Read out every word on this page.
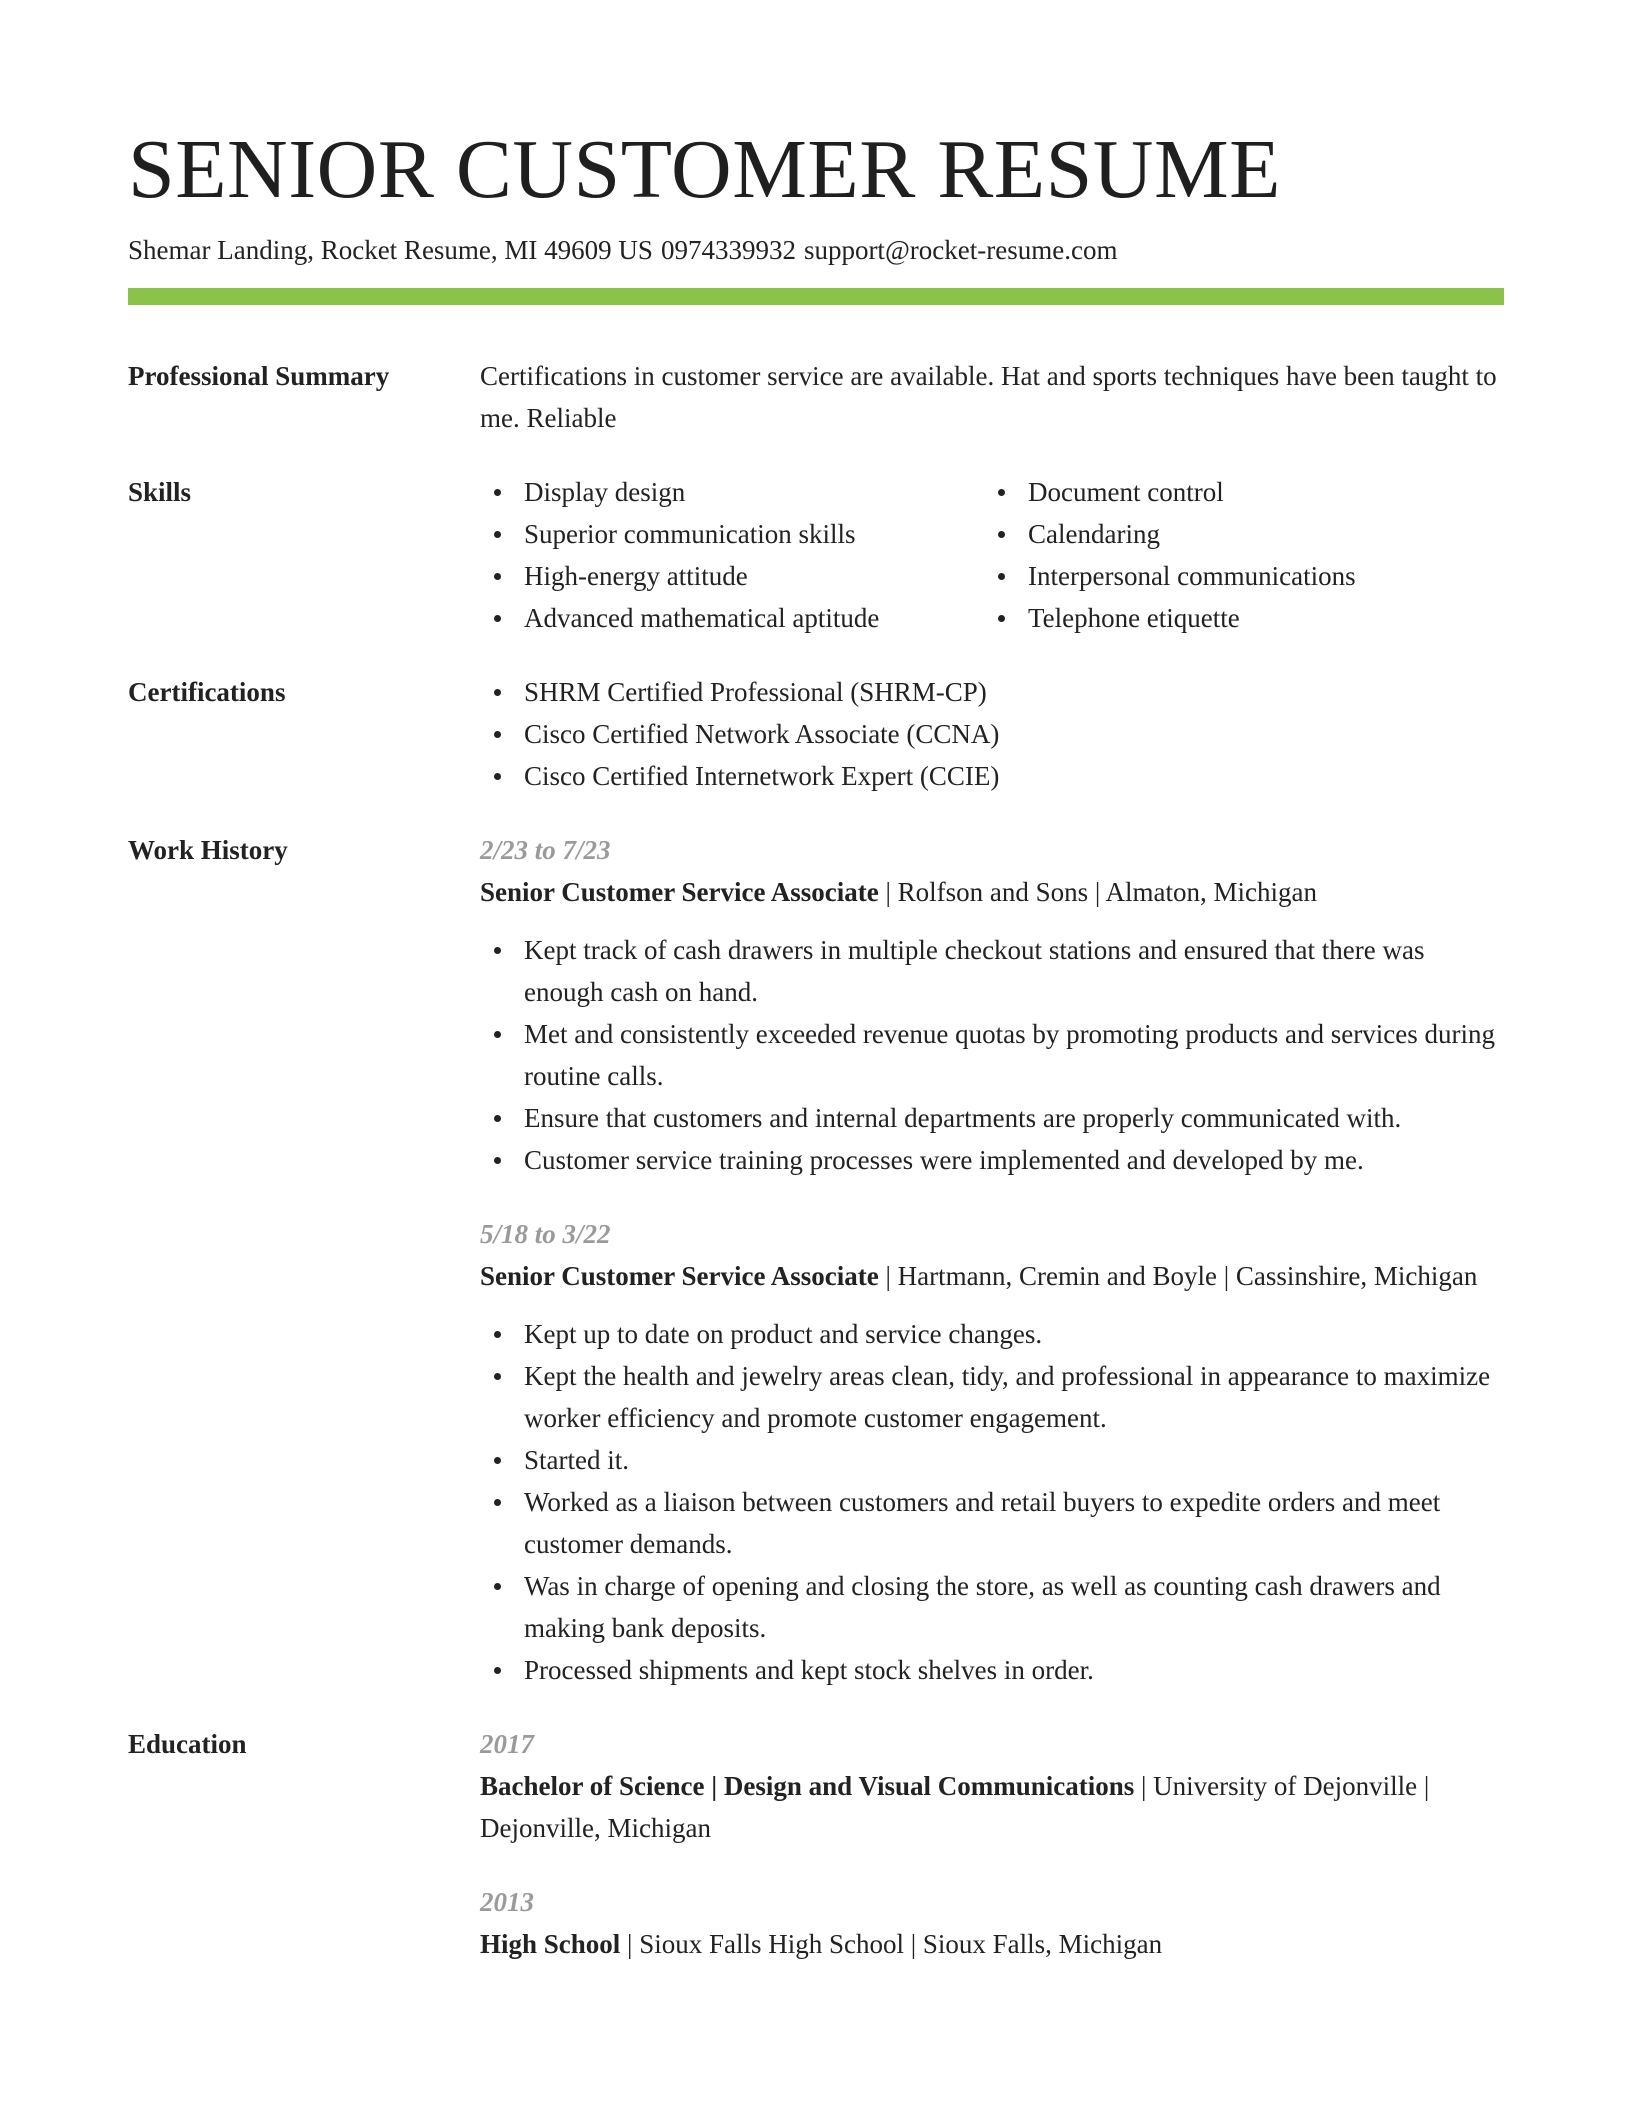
SENIOR CUSTOMER RESUME
Shemar Landing, Rocket Resume, MI 49609 US 0974339932 support@rocket-resume.com
Professional Summary	Certifications in customer service are available. Hat and sports techniques have been taught to me. Reliable

Skills	Display design
Superior communication skills
High-energy attitude
Advanced mathematical aptitude
Document control
Calendaring
Interpersonal communications
Telephone etiquette
Certifications	SHRM Certified Professional (SHRM-CP)
Cisco Certified Network Associate (CCNA)
Cisco Certified Internetwork Expert (CCIE)
Work History	2/23 to 7/23
Senior Customer Service Associate | Rolfson and Sons | Almaton, Michigan
Kept track of cash drawers in multiple checkout stations and ensured that there was enough cash on hand.
Met and consistently exceeded revenue quotas by promoting products and services during routine calls.
Ensure that customers and internal departments are properly communicated with.
Customer service training processes were implemented and developed by me.
5/18 to 3/22
Senior Customer Service Associate | Hartmann, Cremin and Boyle | Cassinshire, Michigan
Kept up to date on product and service changes.
Kept the health and jewelry areas clean, tidy, and professional in appearance to maximize worker efficiency and promote customer engagement.
Started it.
Worked as a liaison between customers and retail buyers to expedite orders and meet customer demands.
Was in charge of opening and closing the store, as well as counting cash drawers and making bank deposits.
Processed shipments and kept stock shelves in order.
Education	2017
Bachelor of Science | Design and Visual Communications | University of Dejonville | Dejonville, Michigan
2013
High School | Sioux Falls High School | Sioux Falls, Michigan
